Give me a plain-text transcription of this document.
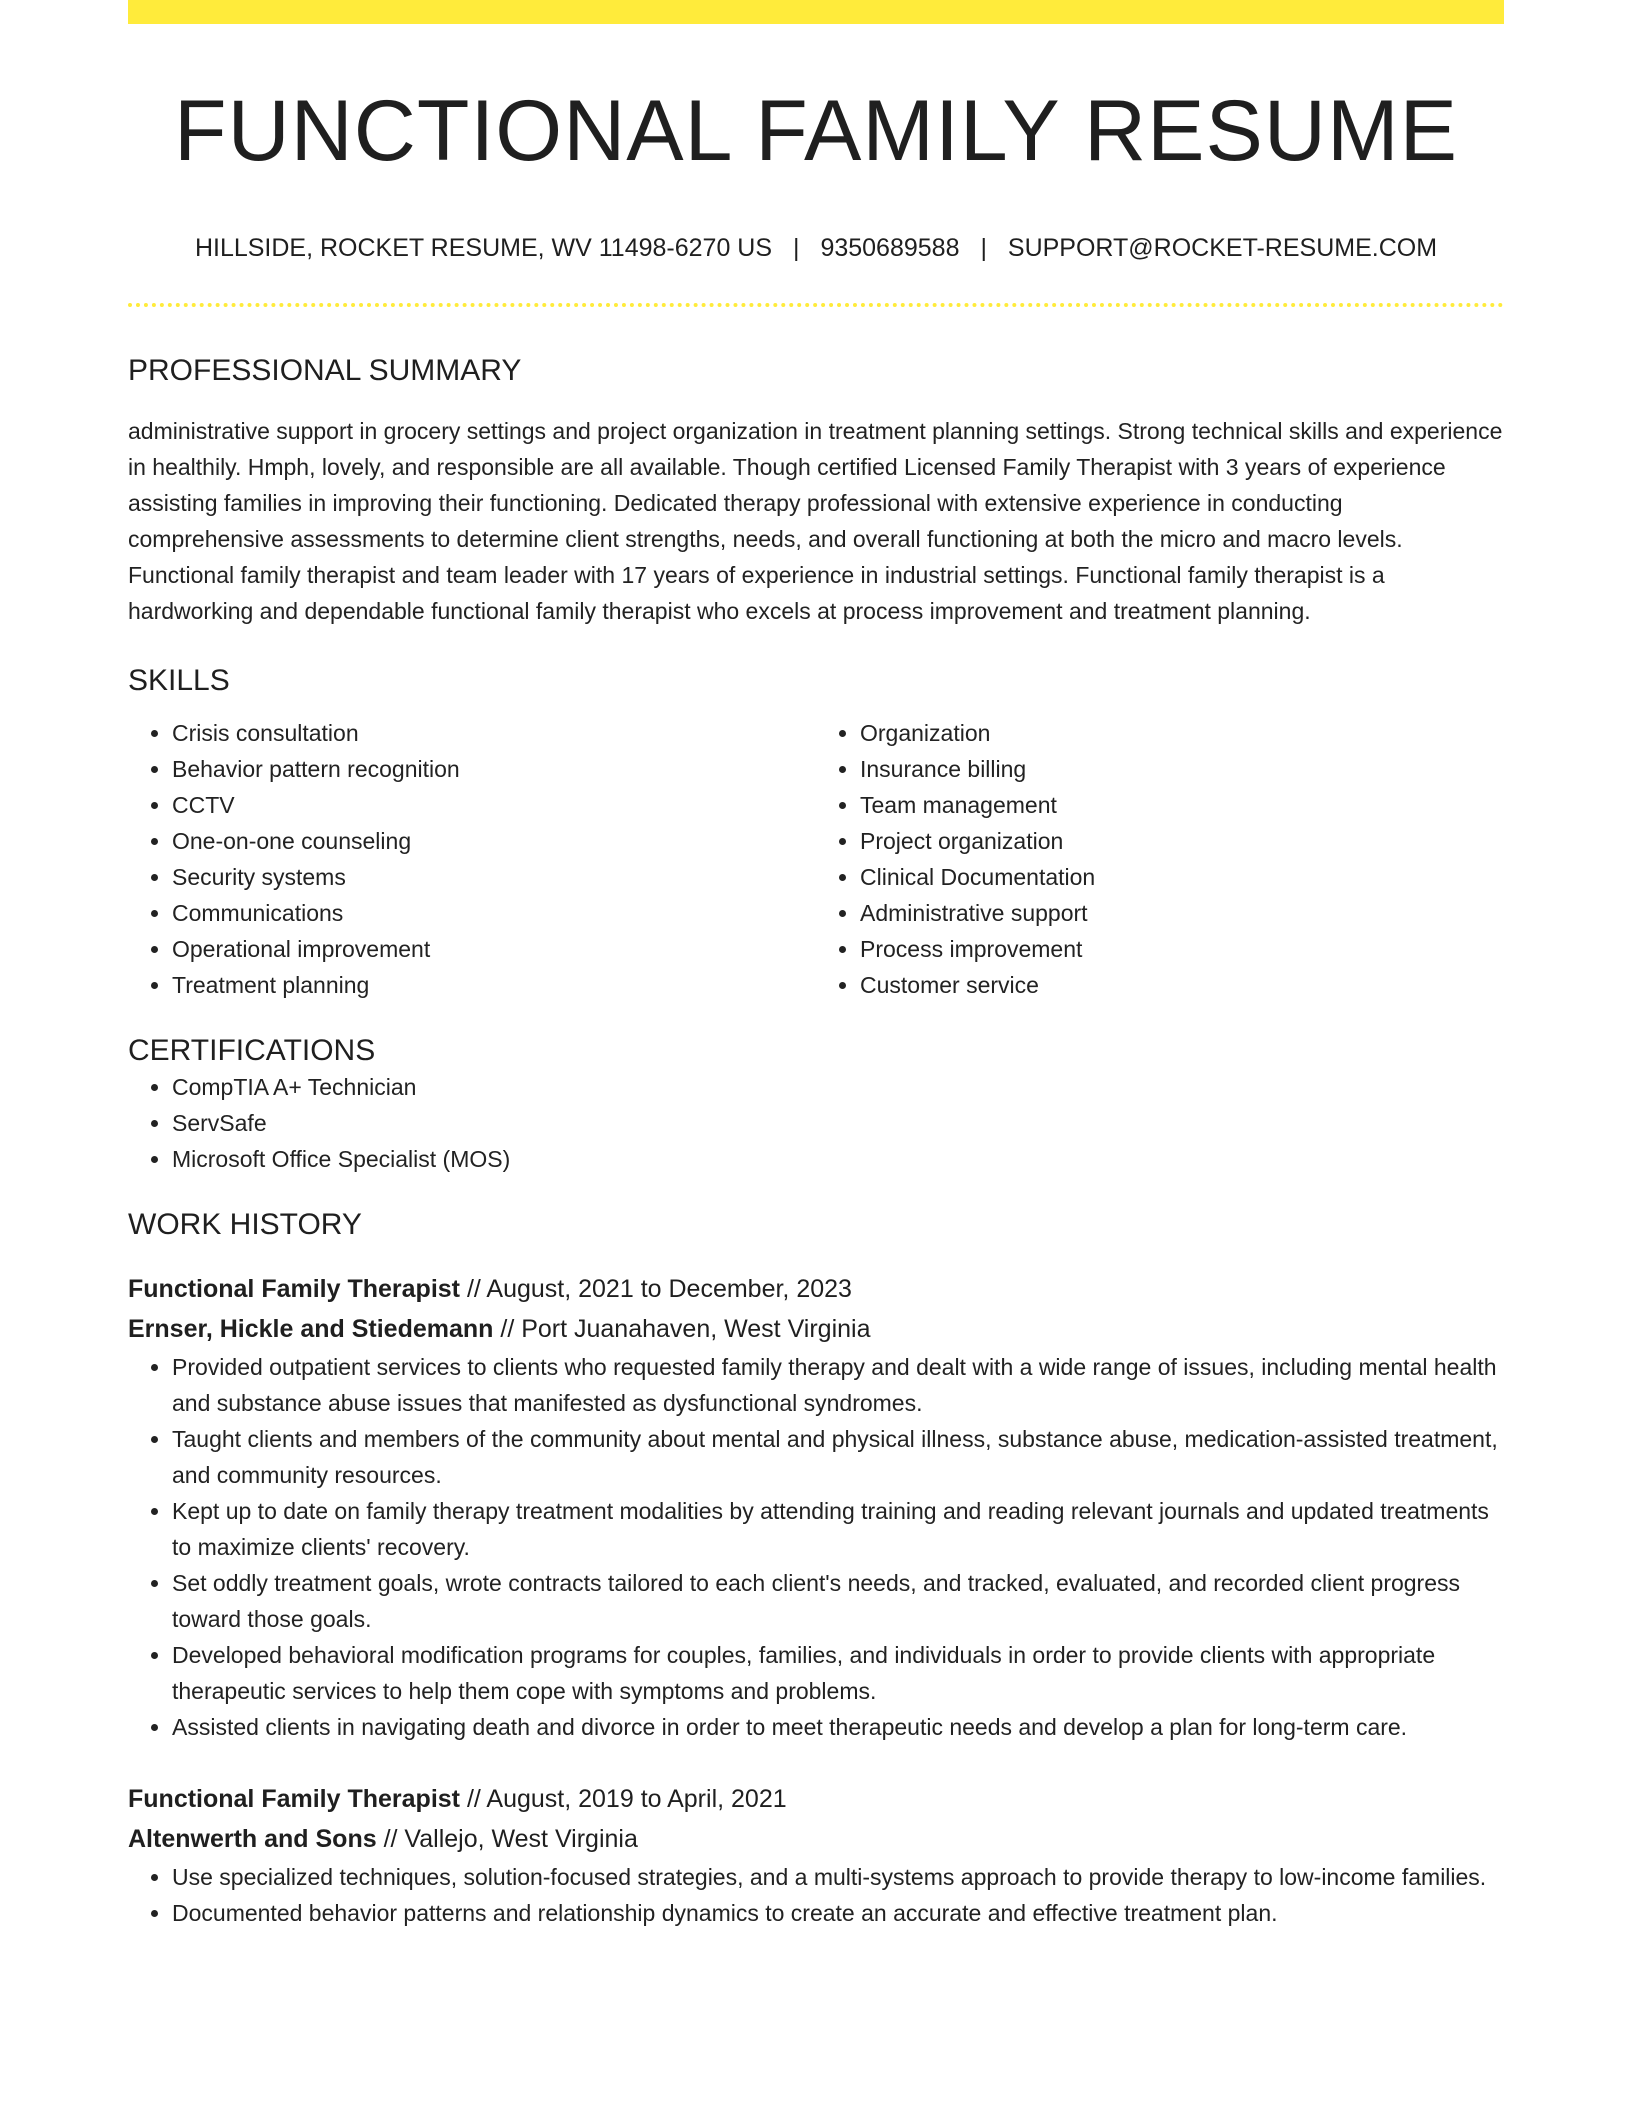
FUNCTIONAL FAMILY RESUME
HILLSIDE, ROCKET RESUME, WV 11498-6270 US | 9350689588 | SUPPORT@ROCKET-RESUME.COM
PROFESSIONAL SUMMARY

administrative support in grocery settings and project organization in treatment planning settings. Strong technical skills and experience in healthily. Hmph, lovely, and responsible are all available. Though certified Licensed Family Therapist with 3 years of experience assisting families in improving their functioning. Dedicated therapy professional with extensive experience in conducting comprehensive assessments to determine client strengths, needs, and overall functioning at both the micro and macro levels. Functional family therapist and team leader with 17 years of experience in industrial settings. Functional family therapist is a hardworking and dependable functional family therapist who excels at process improvement and treatment planning.

SKILLS
• Crisis consultation
• Behavior pattern recognition
• CCTV
• One-on-one counseling
• Security systems
• Communications
• Operational improvement
• Treatment planning
• Organization
• Insurance billing
• Team management
• Project organization
• Clinical Documentation
• Administrative support
• Process improvement
• Customer service
CERTIFICATIONS
• CompTIA A+ Technician
• ServSafe
• Microsoft Office Specialist (MOS)
WORK HISTORY
Functional Family Therapist // August, 2021 to December, 2023
Ernser, Hickle and Stiedemann // Port Juanahaven, West Virginia
• Provided outpatient services to clients who requested family therapy and dealt with a wide range of issues, including mental health and substance abuse issues that manifested as dysfunctional syndromes.
• Taught clients and members of the community about mental and physical illness, substance abuse, medication-assisted treatment, and community resources.
• Kept up to date on family therapy treatment modalities by attending training and reading relevant journals and updated treatments to maximize clients' recovery.
• Set oddly treatment goals, wrote contracts tailored to each client's needs, and tracked, evaluated, and recorded client progress toward those goals.
• Developed behavioral modification programs for couples, families, and individuals in order to provide clients with appropriate therapeutic services to help them cope with symptoms and problems.
• Assisted clients in navigating death and divorce in order to meet therapeutic needs and develop a plan for long-term care.
Functional Family Therapist // August, 2019 to April, 2021
Altenwerth and Sons // Vallejo, West Virginia
• Use specialized techniques, solution-focused strategies, and a multi-systems approach to provide therapy to low-income families.
• Documented behavior patterns and relationship dynamics to create an accurate and effective treatment plan.
